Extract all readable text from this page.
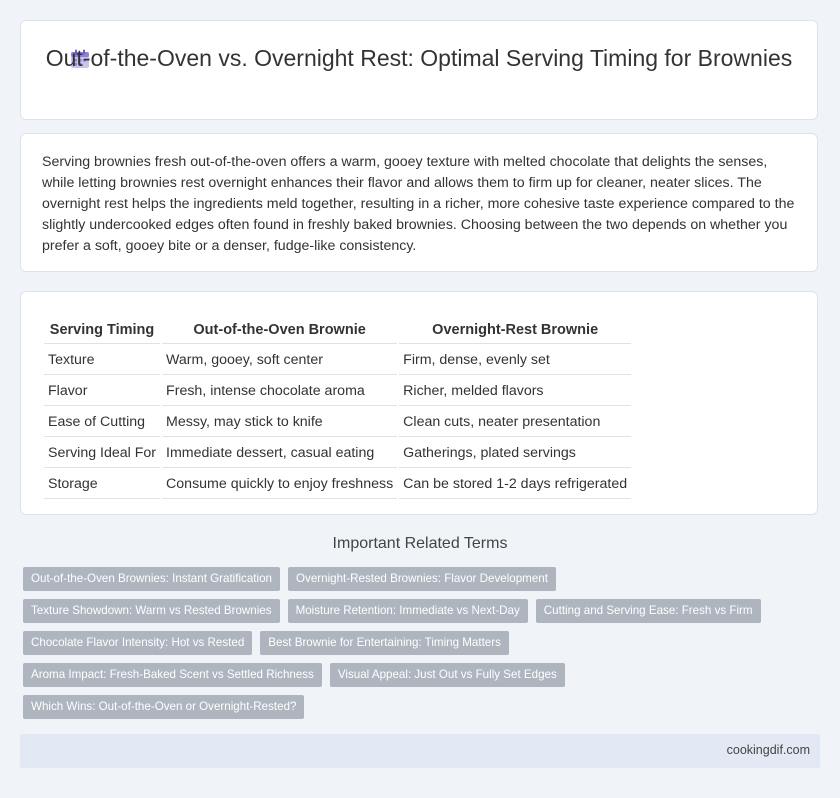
Out-of-the-Oven vs. Overnight Rest: Optimal Serving Timing for Brownies
Serving brownies fresh out-of-the-oven offers a warm, gooey texture with melted chocolate that delights the senses, while letting brownies rest overnight enhances their flavor and allows them to firm up for cleaner, neater slices. The overnight rest helps the ingredients meld together, resulting in a richer, more cohesive taste experience compared to the slightly undercooked edges often found in freshly baked brownies. Choosing between the two depends on whether you prefer a soft, gooey bite or a denser, fudge-like consistency.
Serving Timing	Out-of-the-Oven Brownie	Overnight-Rest Brownie
Texture	Warm, gooey, soft center	Firm, dense, evenly set
Flavor	Fresh, intense chocolate aroma	Richer, melded flavors
Ease of Cutting	Messy, may stick to knife	Clean cuts, neater presentation
Serving Ideal For	Immediate dessert, casual eating	Gatherings, plated servings
Storage	Consume quickly to enjoy freshness	Can be stored 1-2 days refrigerated
Important Related Terms
Out-of-the-Oven Brownies: Instant Gratification	Overnight-Rested Brownies: Flavor Development
Texture Showdown: Warm vs Rested Brownies	Moisture Retention: Immediate vs Next-Day	Cutting and Serving Ease: Fresh vs Firm
Chocolate Flavor Intensity: Hot vs Rested	Best Brownie for Entertaining: Timing Matters
Aroma Impact: Fresh-Baked Scent vs Settled Richness	Visual Appeal: Just Out vs Fully Set Edges
Which Wins: Out-of-the-Oven or Overnight-Rested?
cookingdif.com
